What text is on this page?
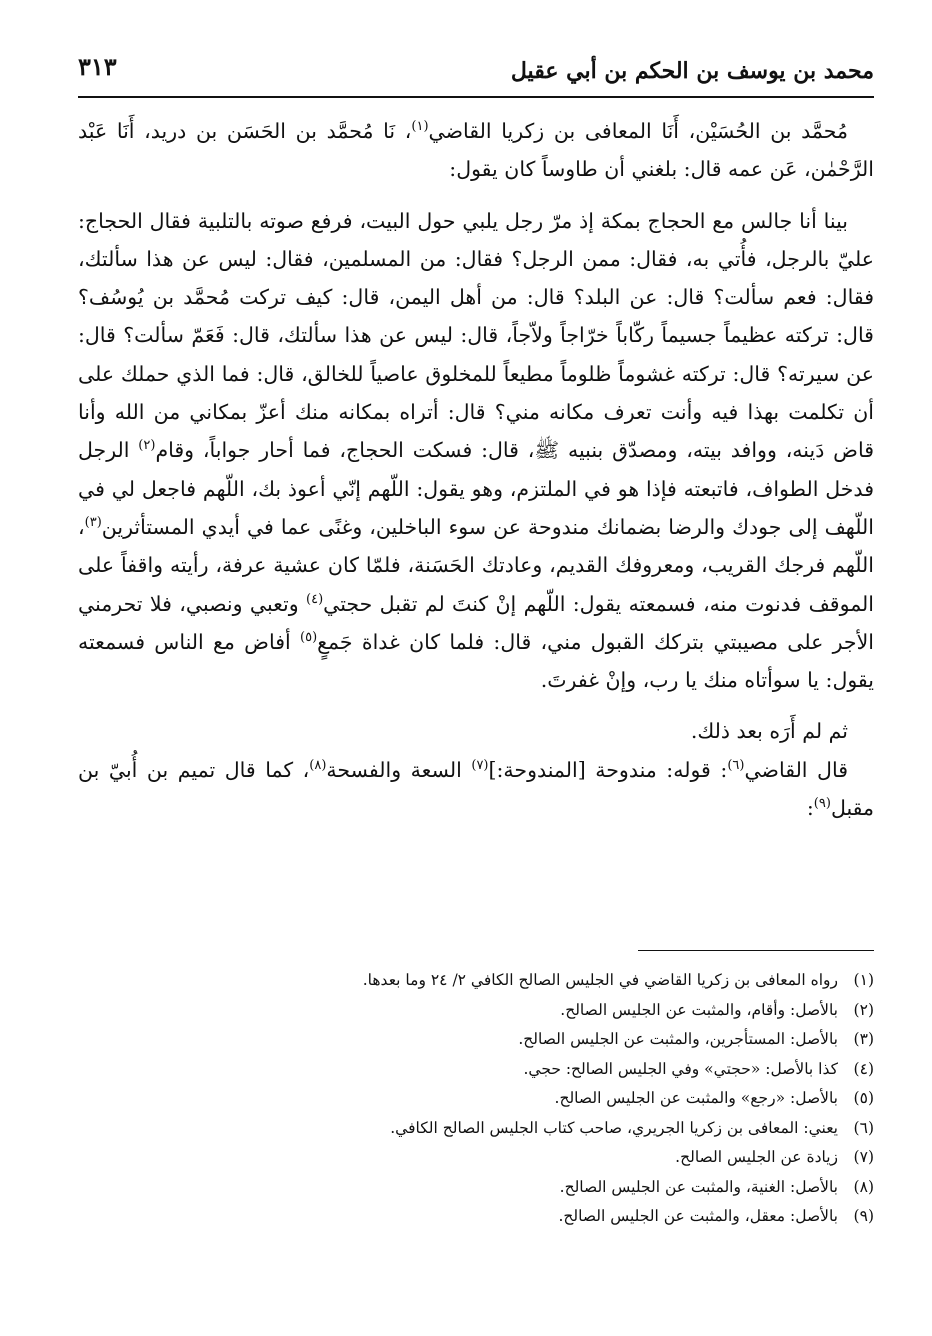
محمد بن يوسف بن الحكم بن أبي عقيل
٣١٣

مُحمَّد بن الحُسَيْن، أَنَا المعافى بن زكريا القاضي$^{(١)}$، نَا مُحمَّد بن الحَسَن بن دريد، أَنَا عَبْد الرَّحْمٰن، عَن عمه قال: بلغني أن طاوساً كان يقول:

بينا أنا جالس مع الحجاج بمكة إذ مرّ رجل يلبي حول البيت، فرفع صوته بالتلبية فقال الحجاج: عليّ بالرجل، فأُتي به، فقال: ممن الرجل؟ فقال: من المسلمين، فقال: ليس عن هذا سألتك، فقال: فعم سألت؟ قال: عن البلد؟ قال: من أهل اليمن، قال: كيف تركت مُحمَّد بن يُوسُف؟ قال: تركته عظيماً جسيماً ركّاباً خرّاجاً ولاّجاً، قال: ليس عن هذا سألتك، قال: فَعَمّ سألت؟ قال: عن سيرته؟ قال: تركته غشوماً ظلوماً مطيعاً للمخلوق عاصياً للخالق، قال: فما الذي حملك على أن تكلمت بهذا فيه وأنت تعرف مكانه مني؟ قال: أتراه بمكانه منك أعزّ بمكاني من الله وأنا قاض دَينه، ووافد بيته، ومصدّق بنبيه ﷺ، قال: فسكت الحجاج، فما أحار جواباً، وقام$^{(٢)}$ الرجل فدخل الطواف، فاتبعته فإذا هو في الملتزم، وهو يقول: اللّهم إنّي أعوذ بك، اللّهم فاجعل لي في اللّهف إلى جودك والرضا بضمانك مندوحة عن سوء الباخلين، وغنًى عما في أيدي المستأثرين$^{(٣)}$، اللّهم فرجك القريب، ومعروفك القديم، وعادتك الحَسَنة، فلمّا كان عشية عرفة، رأيته واقفاً على الموقف فدنوت منه، فسمعته يقول: اللّهم إنْ كنتَ لم تقبل حجتي$^{(٤)}$ وتعبي ونصبي، فلا تحرمني الأجر على مصيبتي بتركك القبول مني، قال: فلما كان غداة جَمعٍ$^{(٥)}$ أفاض مع الناس فسمعته يقول: يا سوأتاه منك يا رب، وإنْ غفرتَ.

ثم لم أَرَه بعد ذلك.

قال القاضي$^{(٦)}$: قوله: مندوحة [المندوحة:]$^{(٧)}$ السعة والفسحة$^{(٨)}$، كما قال تميم بن أُبيّ بن مقبل$^{(٩)}$:

(١)رواه المعافى بن زكريا القاضي في الجليس الصالح الكافي ٢/ ٢٤ وما بعدها.
(٢)بالأصل: وأقام، والمثبت عن الجليس الصالح.
(٣)بالأصل: المستأجرين، والمثبت عن الجليس الصالح.
(٤)كذا بالأصل: «حجتي» وفي الجليس الصالح: حجي.
(٥)بالأصل: «رجع» والمثبت عن الجليس الصالح.
(٦)يعني: المعافى بن زكريا الجريري، صاحب كتاب الجليس الصالح الكافي.
(٧)زيادة عن الجليس الصالح.
(٨)بالأصل: الغنية، والمثبت عن الجليس الصالح.
(٩)بالأصل: معقل، والمثبت عن الجليس الصالح.
